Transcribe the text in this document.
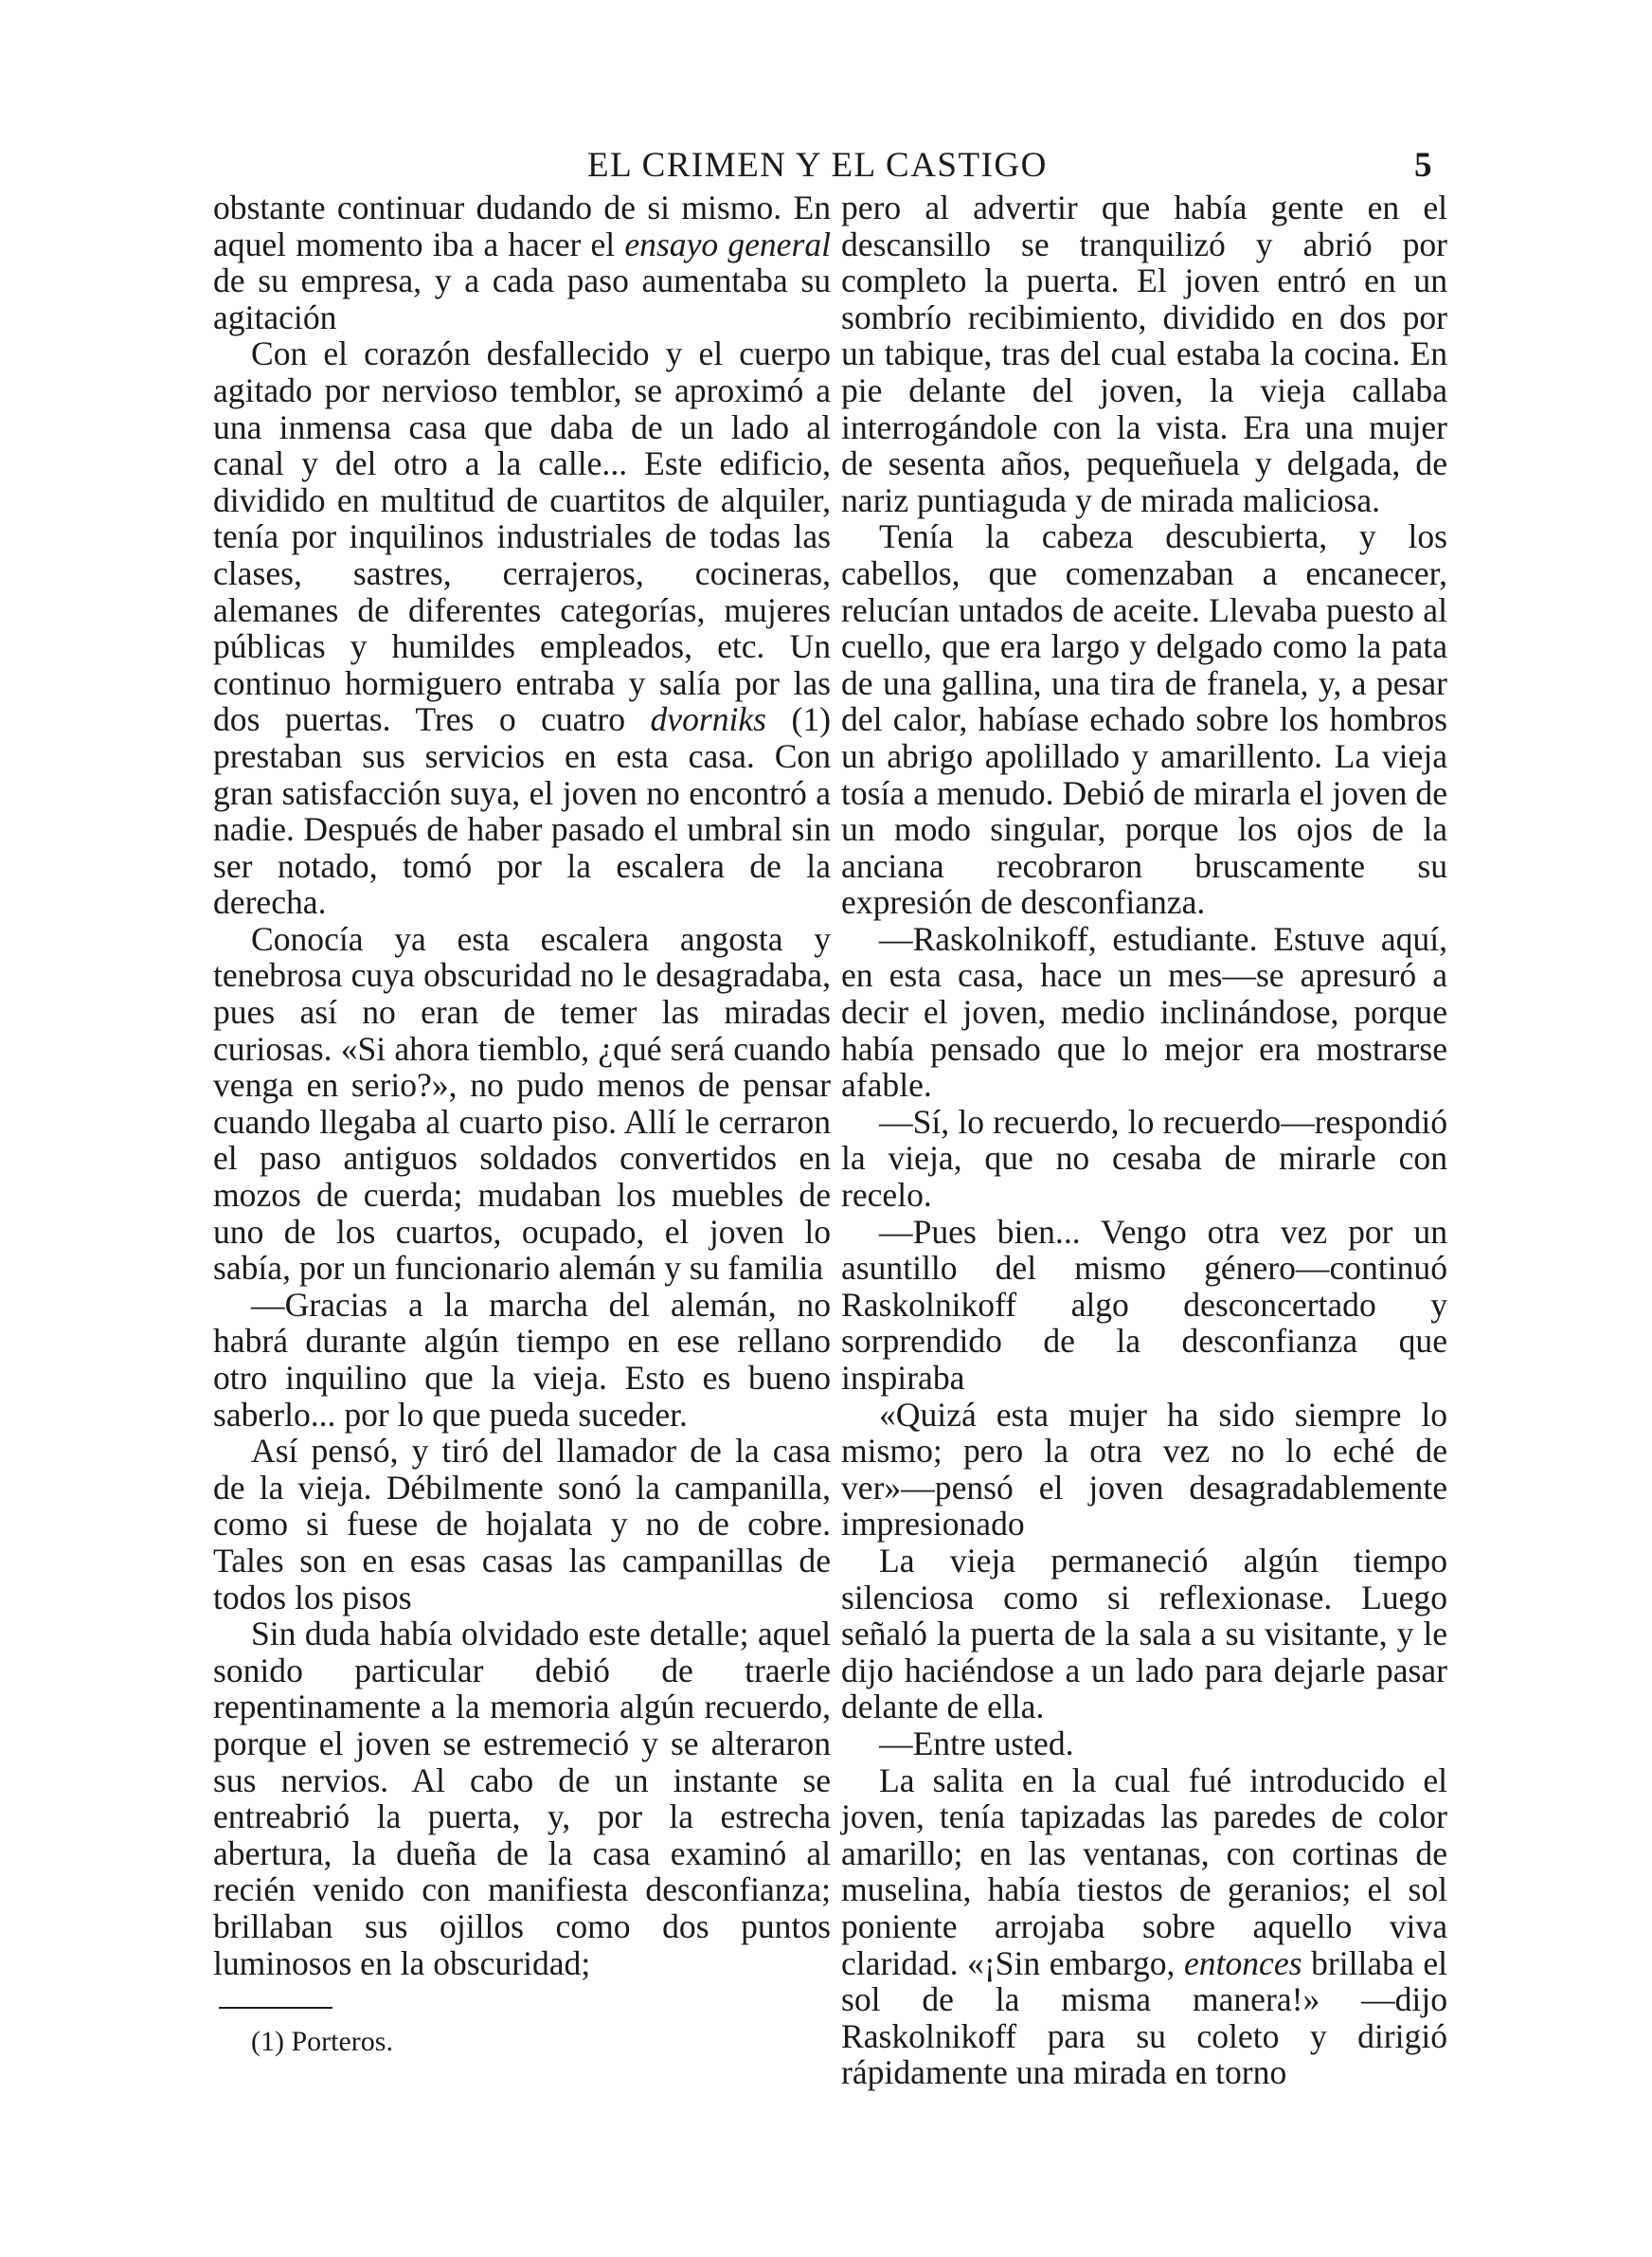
EL CRIMEN Y EL CASTIGO	5

obstante continuar dudando de si mismo. En aquel momento iba a hacer el ensayo general de su empresa, y a cada paso aumentaba su agitación

Con el corazón desfallecido y el cuerpo agitado por nervioso temblor, se aproximó a una inmensa casa que daba de un lado al canal y del otro a la calle... Este edificio, dividido en multitud de cuartitos de alquiler, tenía por inquilinos industriales de todas las clases, sastres, cerrajeros, cocineras, alemanes de diferentes categorías, mujeres públicas y humildes empleados, etc. Un continuo hormiguero entraba y salía por las dos puertas. Tres o cuatro dvorniks (1) prestaban sus servicios en esta casa. Con gran satisfacción suya, el joven no encontró a nadie. Después de haber pasado el umbral sin ser notado, tomó por la escalera de la derecha.

Conocía ya esta escalera angosta y tenebrosa cuya obscuridad no le desagradaba, pues así no eran de temer las miradas curiosas. «Si ahora tiemblo, ¿qué será cuando venga en serio?», no pudo menos de pensar cuando llegaba al cuarto piso. Allí le cerraron el paso antiguos soldados convertidos en mozos de cuerda; mudaban los muebles de uno de los cuartos, ocupado, el joven lo sabía, por un funcionario alemán y su familia

—Gracias a la marcha del alemán, no habrá durante algún tiempo en ese rellano otro inquilino que la vieja. Esto es bueno saberlo... por lo que pueda suceder.

Así pensó, y tiró del llamador de la casa de la vieja. Débilmente sonó la campanilla, como si fuese de hojalata y no de cobre. Tales son en esas casas las campanillas de todos los pisos

Sin duda había olvidado este detalle; aquel sonido particular debió de traerle repentinamente a la memoria algún recuerdo, porque el joven se estremeció y se alteraron sus nervios. Al cabo de un instante se entreabrió la puerta, y, por la estrecha abertura, la dueña de la casa examinó al recién venido con manifiesta desconfianza; brillaban sus ojillos como dos puntos luminosos en la obscuridad;

(1) Porteros.

pero al advertir que había gente en el descansillo se tranquilizó y abrió por completo la puerta. El joven entró en un sombrío recibimiento, dividido en dos por un tabique, tras del cual estaba la cocina. En pie delante del joven, la vieja callaba interrogándole con la vista. Era una mujer de sesenta años, pequeñuela y delgada, de nariz puntiaguda y de mirada maliciosa.

Tenía la cabeza descubierta, y los cabellos, que comenzaban a encanecer, relucían untados de aceite. Llevaba puesto al cuello, que era largo y delgado como la pata de una gallina, una tira de franela, y, a pesar del calor, habíase echado sobre los hombros un abrigo apolillado y amarillento. La vieja tosía a menudo. Debió de mirarla el joven de un modo singular, porque los ojos de la anciana recobraron bruscamente su expresión de desconfianza.

—Raskolnikoff, estudiante. Estuve aquí, en esta casa, hace un mes—se apresuró a decir el joven, medio inclinándose, porque había pensado que lo mejor era mostrarse afable.

—Sí, lo recuerdo, lo recuerdo—respondió la vieja, que no cesaba de mirarle con recelo.

—Pues bien... Vengo otra vez por un asuntillo del mismo género—continuó Raskolnikoff algo desconcertado y sorprendido de la desconfianza que inspiraba

«Quizá esta mujer ha sido siempre lo mismo; pero la otra vez no lo eché de ver»—pensó el joven desagradablemente impresionado

La vieja permaneció algún tiempo silenciosa como si reflexionase. Luego señaló la puerta de la sala a su visitante, y le dijo haciéndose a un lado para dejarle pasar delante de ella.

—Entre usted.

La salita en la cual fué introducido el joven, tenía tapizadas las paredes de color amarillo; en las ventanas, con cortinas de muselina, había tiestos de geranios; el sol poniente arrojaba sobre aquello viva claridad. «¡Sin embargo, entonces brillaba el sol de la misma manera!» —dijo Raskolnikoff para su coleto y dirigió rápidamente una mirada en torno
